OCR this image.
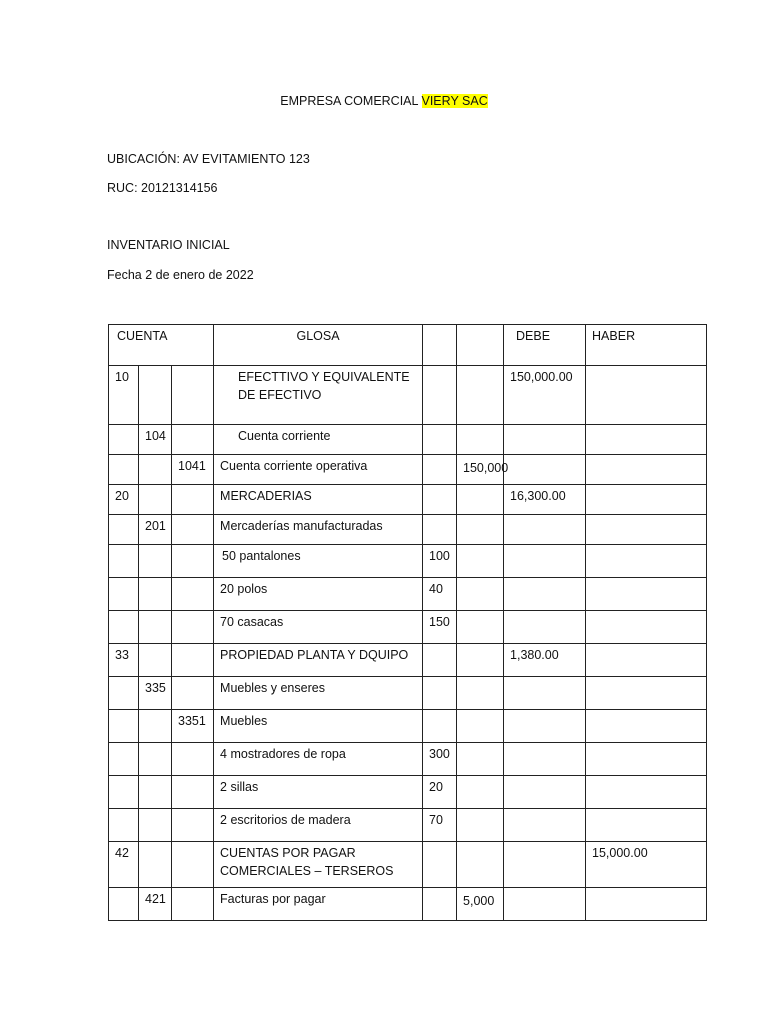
EMPRESA COMERCIAL VIERY SAC
UBICACIÓN: AV EVITAMIENTO 123
RUC: 20121314156
INVENTARIO INICIAL
Fecha 2 de enero de 2022
CUENTA			GLOSA			DEBE	HABER
10			EFECTTIVO Y EQUIVALENTE DE EFECTIVO			150,000.00	
	104		Cuenta corriente				
		1041	Cuenta corriente operativa		150,000		
20			MERCADERIAS			16,300.00	
	201		Mercaderías manufacturadas				
			50 pantalones	100			
			20 polos	40			
			70 casacas	150			
33			PROPIEDAD PLANTA Y DQUIPO			1,380.00	
	335		Muebles y enseres				
		3351	Muebles				
			4 mostradores de ropa	300			
			2 sillas	20			
			2 escritorios de madera	70			
42			CUENTAS POR PAGAR COMERCIALES – TERSEROS				15,000.00
	421		Facturas por pagar		5,000		
